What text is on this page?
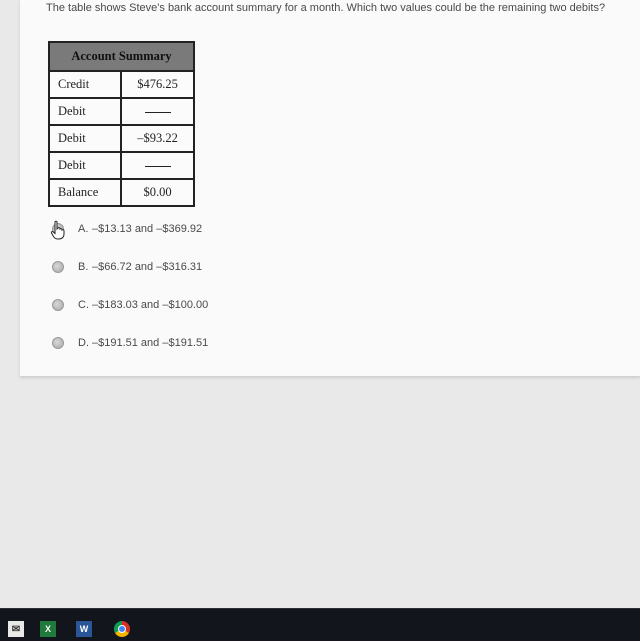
The table shows Steve's bank account summary for a month. Which two values could be the remaining two debits?
Account Summary	
Credit	$476.25
Debit	
Debit	–$93.22
Debit	
Balance	$0.00
A. –$13.13 and –$369.92
B. –$66.72 and –$316.31
C. –$183.03 and –$100.00
D. –$191.51 and –$191.51
✉	X	W
